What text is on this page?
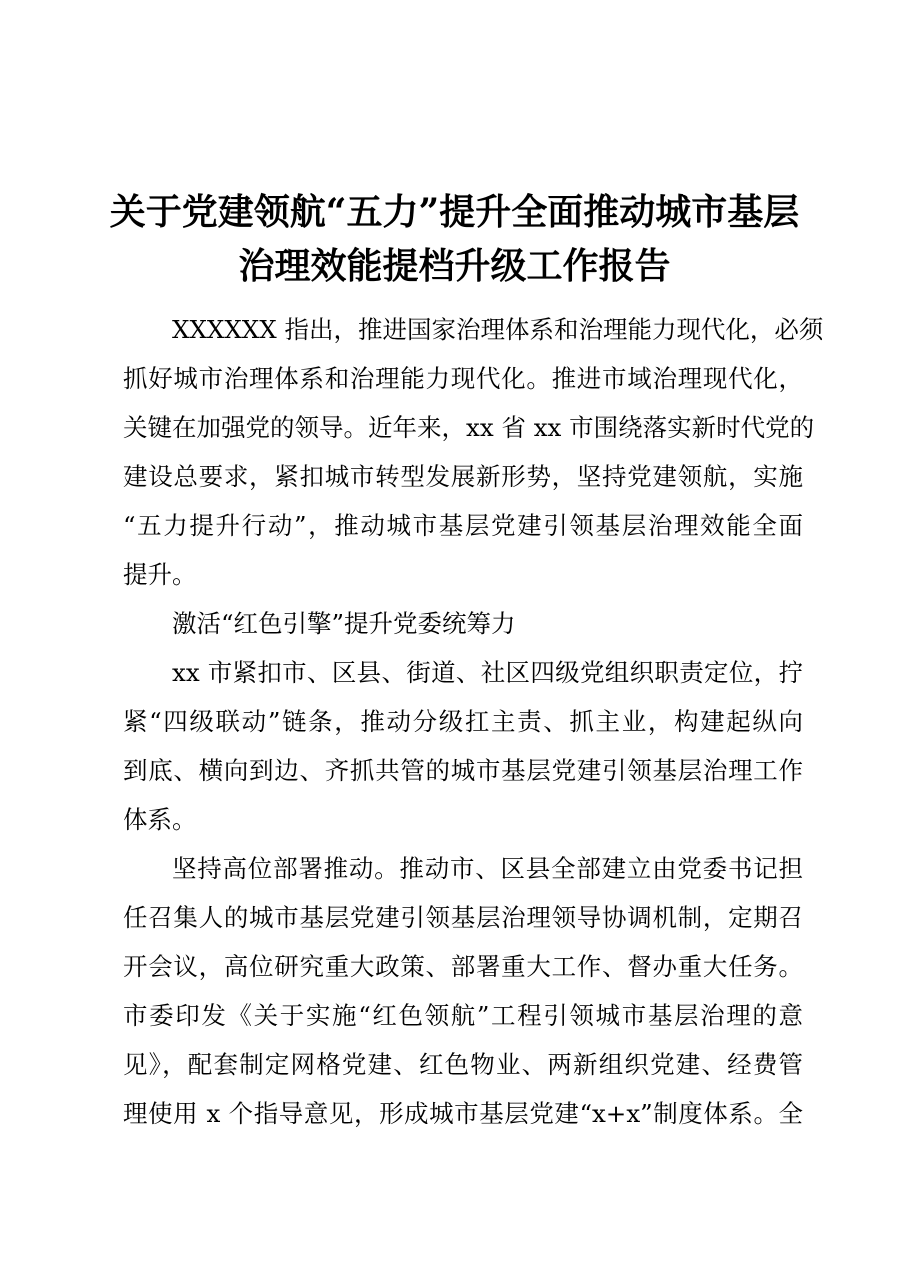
关于党建领航“五力”提升全面推动城市基层
治理效能提档升级工作报告
XXXXXX 指出，推进国家治理体系和治理能力现代化，必须
抓好城市治理体系和治理能力现代化。推进市域治理现代化，
关键在加强党的领导。近年来，xx 省 xx 市围绕落实新时代党的
建设总要求，紧扣城市转型发展新形势，坚持党建领航，实施
“五力提升行动”，推动城市基层党建引领基层治理效能全面
提升。
激活“红色引擎”提升党委统筹力
xx 市紧扣市、区县、街道、社区四级党组织职责定位，拧
紧“四级联动”链条，推动分级扛主责、抓主业，构建起纵向
到底、横向到边、齐抓共管的城市基层党建引领基层治理工作
体系。
坚持高位部署推动。推动市、区县全部建立由党委书记担
任召集人的城市基层党建引领基层治理领导协调机制，定期召
开会议，高位研究重大政策、部署重大工作、督办重大任务。
市委印发《关于实施“红色领航”工程引领城市基层治理的意
见》，配套制定网格党建、红色物业、两新组织党建、经费管
理使用 x 个指导意见，形成城市基层党建“x+x”制度体系。全
